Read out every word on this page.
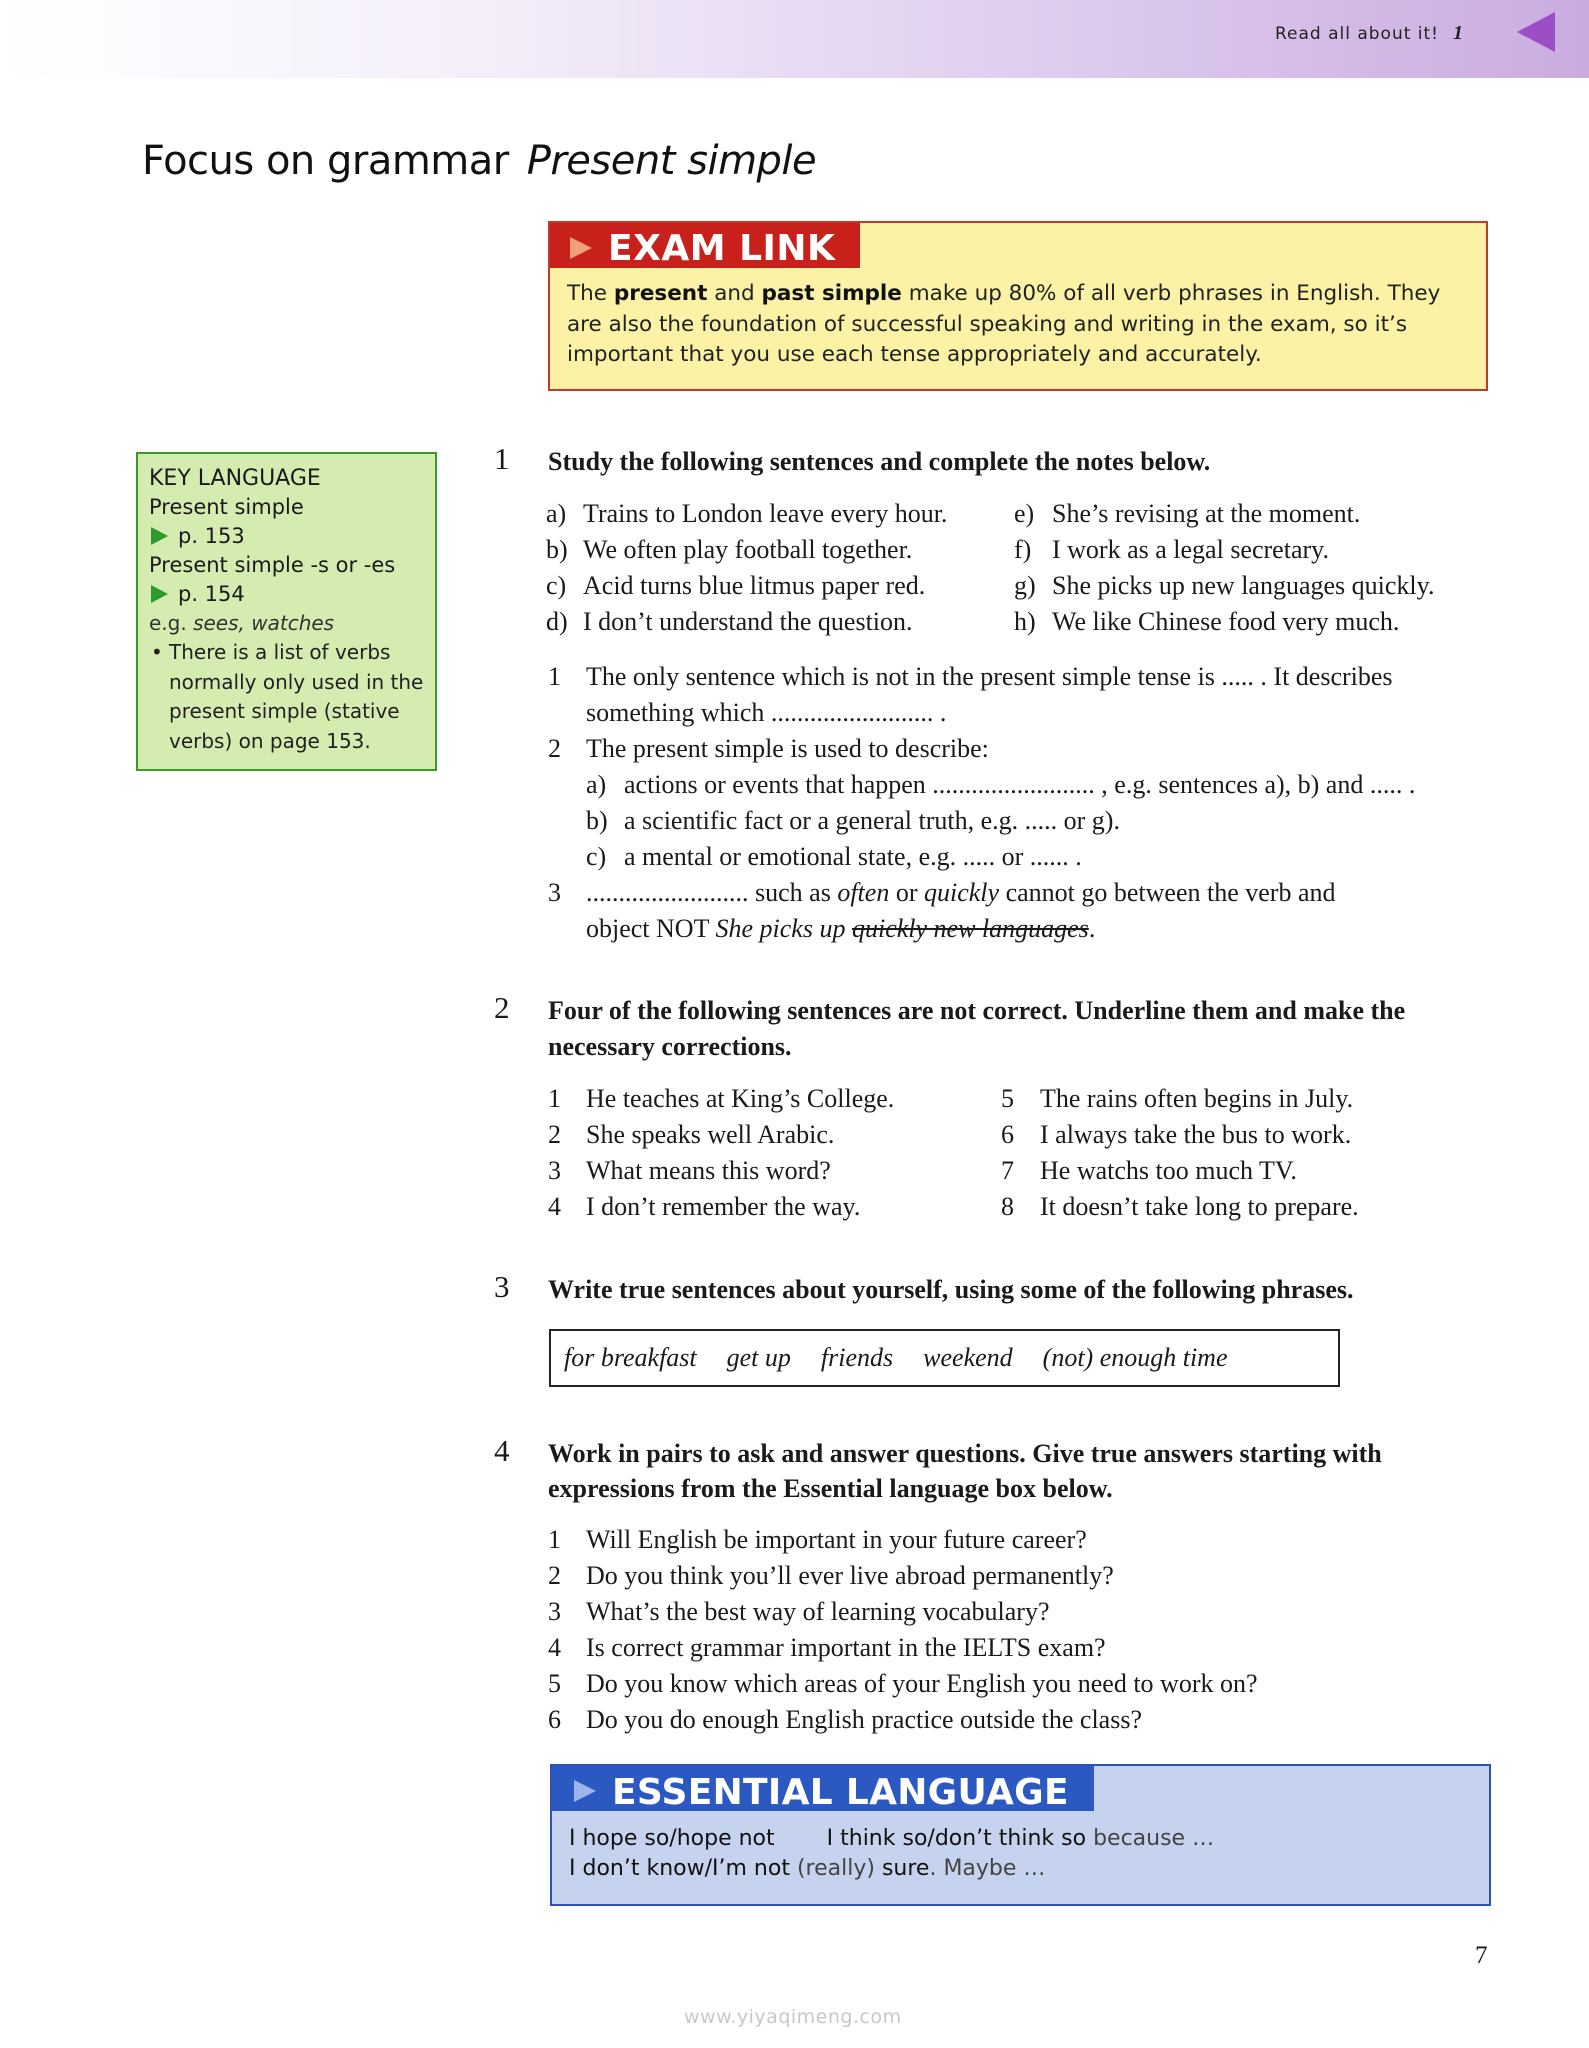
Read all about it! 1
Focus on grammar Present simple
EXAM LINK
The present and past simple make up 80% of all verb phrases in English. They are also the foundation of successful speaking and writing in the exam, so it’s important that you use each tense appropriately and accurately.
KEY LANGUAGE
Present simple
p. 153
Present simple -s or -es
p. 154
e.g. sees, watches
• There is a list of verbs normally only used in the present simple (stative verbs) on page 153.
1 Study the following sentences and complete the notes below.
a) Trains to London leave every hour.
b) We often play football together.
c) Acid turns blue litmus paper red.
d) I don’t understand the question.
e) She’s revising at the moment.
f) I work as a legal secretary.
g) She picks up new languages quickly.
h) We like Chinese food very much.
1 The only sentence which is not in the present simple tense is ..... . It describes
something which ......................... .
2 The present simple is used to describe:
a) actions or events that happen ......................... , e.g. sentences a), b) and ..... .
b) a scientific fact or a general truth, e.g. ..... or g).
c) a mental or emotional state, e.g. ..... or ...... .
3 ......................... such as often or quickly cannot go between the verb and
object NOT She picks up quickly new languages.
2 Four of the following sentences are not correct. Underline them and make the
necessary corrections.
1 He teaches at King’s College.
2 She speaks well Arabic.
3 What means this word?
4 I don’t remember the way.
5 The rains often begins in July.
6 I always take the bus to work.
7 He watchs too much TV.
8 It doesn’t take long to prepare.
3 Write true sentences about yourself, using some of the following phrases.
for breakfast get up friends weekend (not) enough time
4 Work in pairs to ask and answer questions. Give true answers starting with
expressions from the Essential language box below.
1 Will English be important in your future career?
2 Do you think you’ll ever live abroad permanently?
3 What’s the best way of learning vocabulary?
4 Is correct grammar important in the IELTS exam?
5 Do you know which areas of your English you need to work on?
6 Do you do enough English practice outside the class?
ESSENTIAL LANGUAGE
I hope so/hope not I think so/don’t think so because …
I don’t know/I’m not (really) sure. Maybe …
7
www.yiyaqimeng.com
